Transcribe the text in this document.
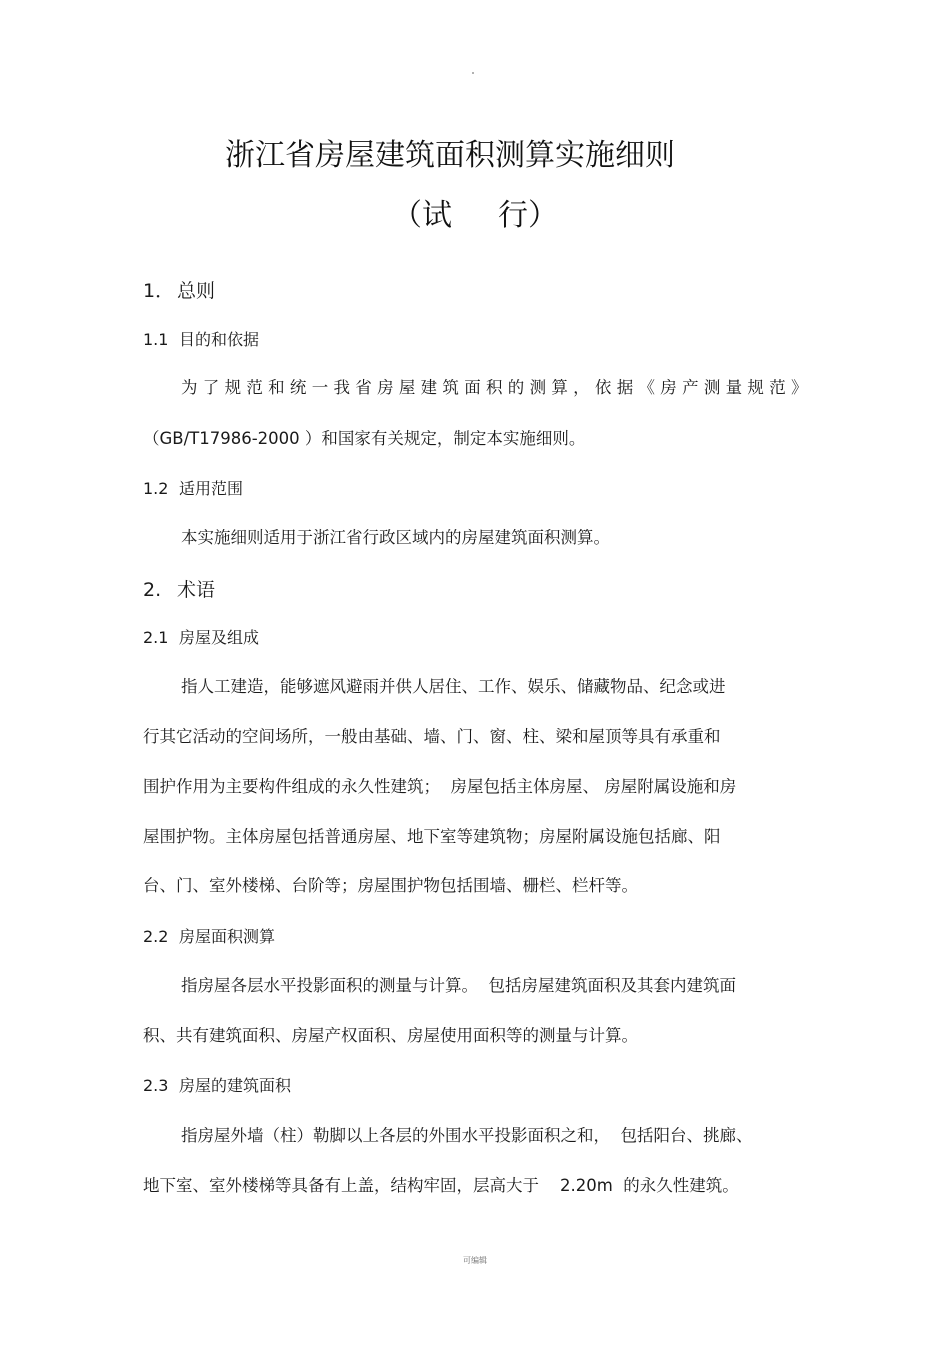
浙江省房屋建筑面积测算实施细则
（试 行）
1． 总则
1.1 目的和依据
为了规范和统一我省房屋建筑面积的测算，依据《房产测量规范》
（GB/T17986-2000 ）和国家有关规定，制定本实施细则。
1.2 适用范围
本实施细则适用于浙江省行政区域内的房屋建筑面积测算。
2. 术语
2.1 房屋及组成
指人工建造，能够遮风避雨并供人居住、工作、娱乐、储藏物品、纪念或进
行其它活动的空间场所，一般由基础、墙、门、窗、柱、梁和屋顶等具有承重和
围护作用为主要构件组成的永久性建筑；  房屋包括主体房屋、 房屋附属设施和房
屋围护物。主体房屋包括普通房屋、地下室等建筑物；房屋附属设施包括廊、阳
台、门、室外楼梯、台阶等；房屋围护物包括围墙、栅栏、栏杆等。
2.2 房屋面积测算
指房屋各层水平投影面积的测量与计算。  包括房屋建筑面积及其套内建筑面
积、共有建筑面积、房屋产权面积、房屋使用面积等的测量与计算。
2.3 房屋的建筑面积
指房屋外墙（柱）勒脚以上各层的外围水平投影面积之和，  包括阳台、挑廊、
地下室、室外楼梯等具备有上盖，结构牢固，层高大于    2.20m  的永久性建筑。
可编辑
